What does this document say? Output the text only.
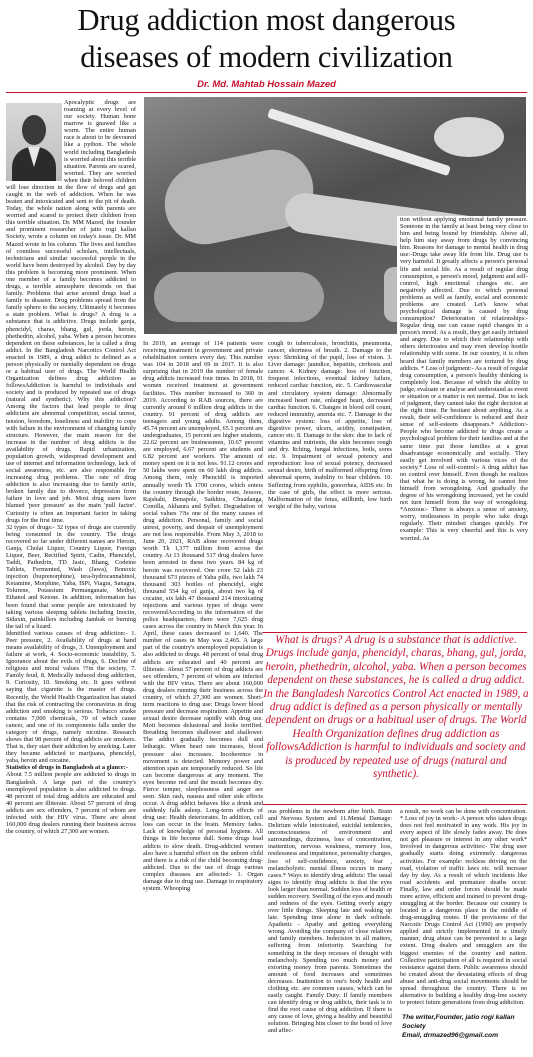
Drug addiction most dangerous
diseases of modern civilization
Dr. Md. Mahtab Hossain Mazed

Apocalyptic drugs are roaming at every level of our society. Human bone marrow is gnawed like a worm. The entire human race is about to be devoured like a python. The whole world including Bangladesh is worried about this terrible situation. Parents are scared, worried. They are worried when their beloved children will lose direction in the flow of drugs and get caught in the web of addiction. When he was beaten and intoxicated and sent to the pit of death. Today, the whole nation along with parents are worried and scared to protect their children from this terrible situation. Dr. MM Mazed, the founder and prominent researcher of jatio rogi kallan Society, wrote a column on today's issue. Dr. MM Mazed wrote in his column. The lives and families of countless successful scholars, intellectuals, technicians and similar successful people in the world have been destroyed by alcohol. Day by day this problem is becoming more prominent. When one member of a family becomes addicted to drugs, a terrible atmosphere descends on that family. Problems that arise around drugs lead a family to disaster. Drug problems spread from the family sphere to the society. Ultimately it becomes a state problem. What is drugs? A drug is a substance that is addictive. Drugs include ganja, phencidyl, charas, bhang, gul, jorda, heroin, phethedrin, alcohol, yaba. When a person becomes dependent on these substances, he is called a drug addict. In the Bangladesh Narcotics Control Act enacted in 1989, a drug addict is defined as a person physically or mentally dependent on drugs or a habitual user of drugs. The World Health Organization defines drug addiction as followsAddiction is harmful to individuals and society and is produced by repeated use of drugs (natural and synthetic). Why this addiction? Among the factors that lead people to drug addiction are abnormal competition, social unrest, tension, boredom, loneliness and inability to cope with failure in the environment of changing family structure. However, the main reason for the increase in the number of drug addicts is the availability of drugs. Rapid urbanization, population growth, widespread development and use of internet and information technology, lack of social awareness, etc. are also responsible for increasing drug problems. The rate of drug addiction is also increasing due to family strife, broken family due to divorce, depression from failure in love and job. Most drug users have blamed 'peer pressure' as the main 'pull factor'. Curiosity is often an important factor in taking drugs for the first time.

32 types of drugs:- 32 types of drugs are currently being consumed in the country. The drugs recovered so far under different names are Heroin, Ganja, Cholai Liquor, Country Liquor, Foreign Liquor, Beer, Rectified Spirit, Cadin, Phencidyl, Taddi, Pathedrin, TD Jasic, Bhang, Codeine Tablets, Fermented, Wash (Jawa), Bonoxic injection (buprenorphine), tera-hydrocannabinol, Ketamine, Morphine, Yaba, ISPi, Viagra, Sanagra, Tolurene, Potassium Permanganate, Methyl, Ethanol and Ketone. In addition, information has been found that some people are intoxicated by taking various sleeping tablets including Inoctin, Sidaxin, painkillers including Jambak or burning the tail of a lizard.

Identified various causes of drug addiction:- 1. Peer pressure, 2. Availability of drugs at hand means availability of drugs, 3. Unemployment and failure at work, 4. Socio-economic instability, 5. Ignorance about the evils of drugs, 6. Decline of religious and moral values ??in the society, 7. Family feud, 8. Medically induced drug addiction, 9. Curiosity, 10. Smoking etc. It goes without saying that cigarette is the master of drugs. Recently, the World Health Organization has stated that the risk of contracting the coronavirus in drug addiction and smoking is serious. Tobacco smoke contains 7,000 chemicals, 70 of which cause cancer, and one of its components falls under the category of drugs, namely nicotine. Research shows that 98 percent of drug addicts are smokers. That is, they start their addiction by smoking. Later they became addicted to marijuana, phencidyl, yaba, heroin and cocaine.

Statistics of drugs in Bangladesh at a glance:-

About 7.5 million people are addicted to drugs in Bangladesh. A large part of the country's unemployed population is also addicted to drugs. 48 percent of total drug addicts are educated and 40 percent are illiterate. About 57 percent of drug addicts are sex offenders, 7 percent of whom are infected with the HIV virus. There are about 160,000 drug dealers running their business across the country, of which 27,300 are women.

In 2019, an average of 114 patients were receiving treatment in government and private rehabilitation centers every day. This number was 104 in 2018 and 69 in 2017. It is also surprising that in 2019 the number of female drug addicts increased four times. In 2018, 91 women received treatment at government facilities. This number increased to 360 in 2019. According to RAB sources, there are currently around 6 million drug addicts in the country. 91 percent of drug addicts are teenagers and young adults. Among them, 45.74 percent are unemployed, 65.1 percent are undergraduates, 15 percent are higher students, 22.62 percent are businessmen, 10.67 percent are employed, 6.67 percent are students and 6.82 percent are workers. The amount of money spent on it is not less. 91.12 crores and 50 lakhs were spent on 60 lakh drug addicts. Among them, only Phencidil is imported annually worth Tk 1700 crores, which enters the country through the border route, Jessore, Rajshahi, Benapole, Satkhira, Chuadanga, Comilla, Akhaura and Sylhet. Degradation of social values ??is one of the many causes of drug addiction. Personal, family and social unrest, poverty, and despair of unemployment are not less responsible. From May 3, 2018 to June 20, 2021, RAB alone recovered drugs worth Tk 1,377 million from across the country. At 13 thousand 517 drug dealers have been arrested in these two years. 84 kg of heroin was recovered. One crore 52 lakh 23 thousand 673 pieces of Yaba pills, two lakh 74 thousand 303 bottles of phencidyl, eight thousand 554 kg of ganja, about two kg of cocaine, six lakh 47 thousand 214 intoxicating injections and various types of drugs were recoveredAccording to the information of the police headquarters, there were 7,625 drug cases across the country in March this year. In April, these cases decreased to 1,640. The number of cases in May was 2,465. A large part of the country's unemployed population is also addicted to drugs. 48 percent of total drug addicts are educated and 40 percent are illiterate. About 57 percent of drug addicts are sex offenders, 7 percent of whom are infected with the HIV virus. There are about 160,000 drug dealers running their business across the country, of which 27,300 are women. Short-term reactions to drug use: Drugs lower blood pressure and decrease respiration. Appetite and sexual desire decrease rapidly with drug use. Moti becomes delusional and looks terrified. Breathing becomes shallower and shallower. The addict gradually becomes dull and lethargic. When heart rate increases, blood pressure also increases. Incoherence in movement is detected. Memory power and attention span are temporarily reduced. So life can become dangerous at any moment. The eyes become red and the mouth becomes dry. Fierce temper, sleeplessness and anger are seen. Skin rash, nausea and other side effects occur. A drug addict behaves like a drunk and suddenly falls asleep. Long-term effects of drug use: Health deteriorates. In addition, cell loss can occur in the brain. Memory fades. Lack of knowledge of personal hygiene. All things in life become dull. Some drugs lead addicts to slow death. Drug-addicted women also have a harmful effect on the unborn child and there is a risk of the child becoming drug-addicted. Due to the use of drugs various complex diseases are affected:- 1. Organ damage due to drug use. Damage to respiratory system. Whooping

cough to tuberculosis, bronchitis, pneumonia, cancer, shortness of breath. 2. Damage to the eyes: Shrinking of the pupil, loss of vision. 3. Liver damage: jaundice, hepatitis, cirrhosis and cancer. 4. Kidney damage: loss of function, frequent infections, eventual kidney failure, reduced cardiac function, etc. 5. Cardiovascular and circulatory system damage: Abnormally increased heart rate, enlarged heart, decreased cardiac function. 6. Changes in blood cell count, reduced immunity, anemia etc. 7. Damage to the digestive system: loss of appetite, loss of digestive power, ulcers, acidity, constipation, cancer etc. 8. Damage to the skin: due to lack of vitamins and nutrients, the skin becomes rough and dry. Itching, fungal infections, boils, sores etc. 9. Impairment of sexual potency and reproduction: loss of sexual potency, decreased sexual desire, birth of malformed offspring from abnormal sperm, inability to bear children. 10. Suffering from syphilis, gonorrhea, AIDS etc. In the case of girls, the effect is more serious. Malformation of the fetus, stillbirth, low birth weight of the baby, various

tion without applying emotional family pressure. Someone in the family at least being very close to him and being bound by friendship. Above all, help him stay away from drugs by convincing him. Reasons for damage to mental health in drug use:-Drugs take away life from life. Drug use is very harmful. It greatly affects a person's personal life and social life. As a result of regular drug consumption, a person's mood, judgment and self-control, high emotional changes etc. are negatively affected. Due to which personal problems as well as family, social and economic problems are created. Let's know what psychological damage is caused by drug consumption? Deterioration of relationships:- Regular drug use can cause rapid changes in a person's mood. As a result, they get easily irritated and angry. Due to which their relationship with others deteriorates and may even develop hostile relationship with some. In our country, it is often heard that family members are tortured by drug addicts. * Loss of judgment:- As a result of regular drug consumption, a person's healthy thinking is completely lost. Because of which the ability to judge, evaluate or analyse and understand as event or situation or a matter is not normal. Due to lack of judgment, they cannot take the right decision at the right time. Be hesitant about anything. As a result, their self-confidence is reduced and their sense of self-esteem disappears.* Addiction:- People who become addicted to drugs create a psychological problem for their families and at the same time put those families at a great disadvantage economically and socially. They easily get involved with various vices of the society.* Loss of self-control:- A drug addict has no control over himself. Even though he realizes that what he is doing is wrong, he cannot free himself from wrongdoing. And gradually the degree of his wrongdoing increased, yet he could not turn himself from the way of wrongdoing. *Anxious:- There is always a sense of anxiety, worry, restlessness in people who take drugs regularly. Their mindset changes quickly. For example: This is very cheerful and this is very worried. As

What is drugs? A drug is a substance that is addictive. Drugs include ganja, phencidyl, charas, bhang, gul, jorda, heroin, phethedrin, alcohol, yaba. When a person becomes dependent on these substances, he is called a drug addict. In the Bangladesh Narcotics Control Act enacted in 1989, a drug addict is defined as a person physically or mentally dependent on drugs or a habitual user of drugs. The World Health Organization defines drug addiction as followsAddiction is harmful to individuals and society and is produced by repeated use of drugs (natural and synthetic).

ous problems in the newborn after birth. Brain and Nervous System and 11.Mental Damage: Delirium while intoxicated, suicidal tendencies, unconsciousness of environment and surroundings, dizziness, loss of concentration, inattention, nervous weakness, memory loss, restlessness and impatience, personality changes, loss of self-confidence, anxiety, fear , melancholyetc. mental illness occurs in many cases.* Ways to identify drug addicts: The usual signs to identify drug addicts is that the eyes look larger than normal. Sudden loss of health or sudden recovery. Swelling of the eyes and mouth and redness of the eyes. Getting overly angry over little things. Sleeping late and waking up late. Spending time alone in dark solitude. Apathetic - Apathy and getting everything wrong. Avoiding the company of close relatives and family members. Indecision in all matters, suffering from inferiority. Searching for something in the deep recesses of thought with melancholy. Spending too much money and extorting money from parents. Sometimes the amount of food increases and sometimes decreases. Inattention to one's body health and clothing etc. are common causes, which can be easily caught. Family Duty: If family members can identify drug or drug addicts, their task is to find the root cause of drug addiction. If there is any cause of love, giving a healthy and beautiful solution. Bringing him closer to the bond of love and affec-

a result, no work can be done with concentration. * Loss of joy in work:- A person who takes drugs does not feel motivated in any work. His joy in every aspect of life slowly fades away. He does not get pleasure or interest in any other work* Involved in dangerous activities:- The drug user gradually starts doing extremely dangerous activities. For example: reckless driving on the road, violation of traffic laws etc. will increase day by day. As a result of which incidents like road accidents and premature deaths occur. Finally, law and order forces should be made more active, efficient and trained to prevent drug-smuggling at the border. Because our country is located in a dangerous place in the middle of drug-smuggling routes. If the provisions of the Narcotic Drugs Control Act (1990) are properly applied and strictly implemented in a timely manner, drug abuse can be prevented to a large extent. Drug dealers and smugglers are the biggest enemies of the country and nation. Collective participation of all is required in social resistance against them. Public awareness should be created about the devastating effects of drug abuse and anti-drug social movements should be spread throughout the country. There is no alternative to building a healthy drug-free society to protect future generations from drug addiction.

The writer,Founder, jatio rogi kallan Society
Email, drmazed96@gmail.com
